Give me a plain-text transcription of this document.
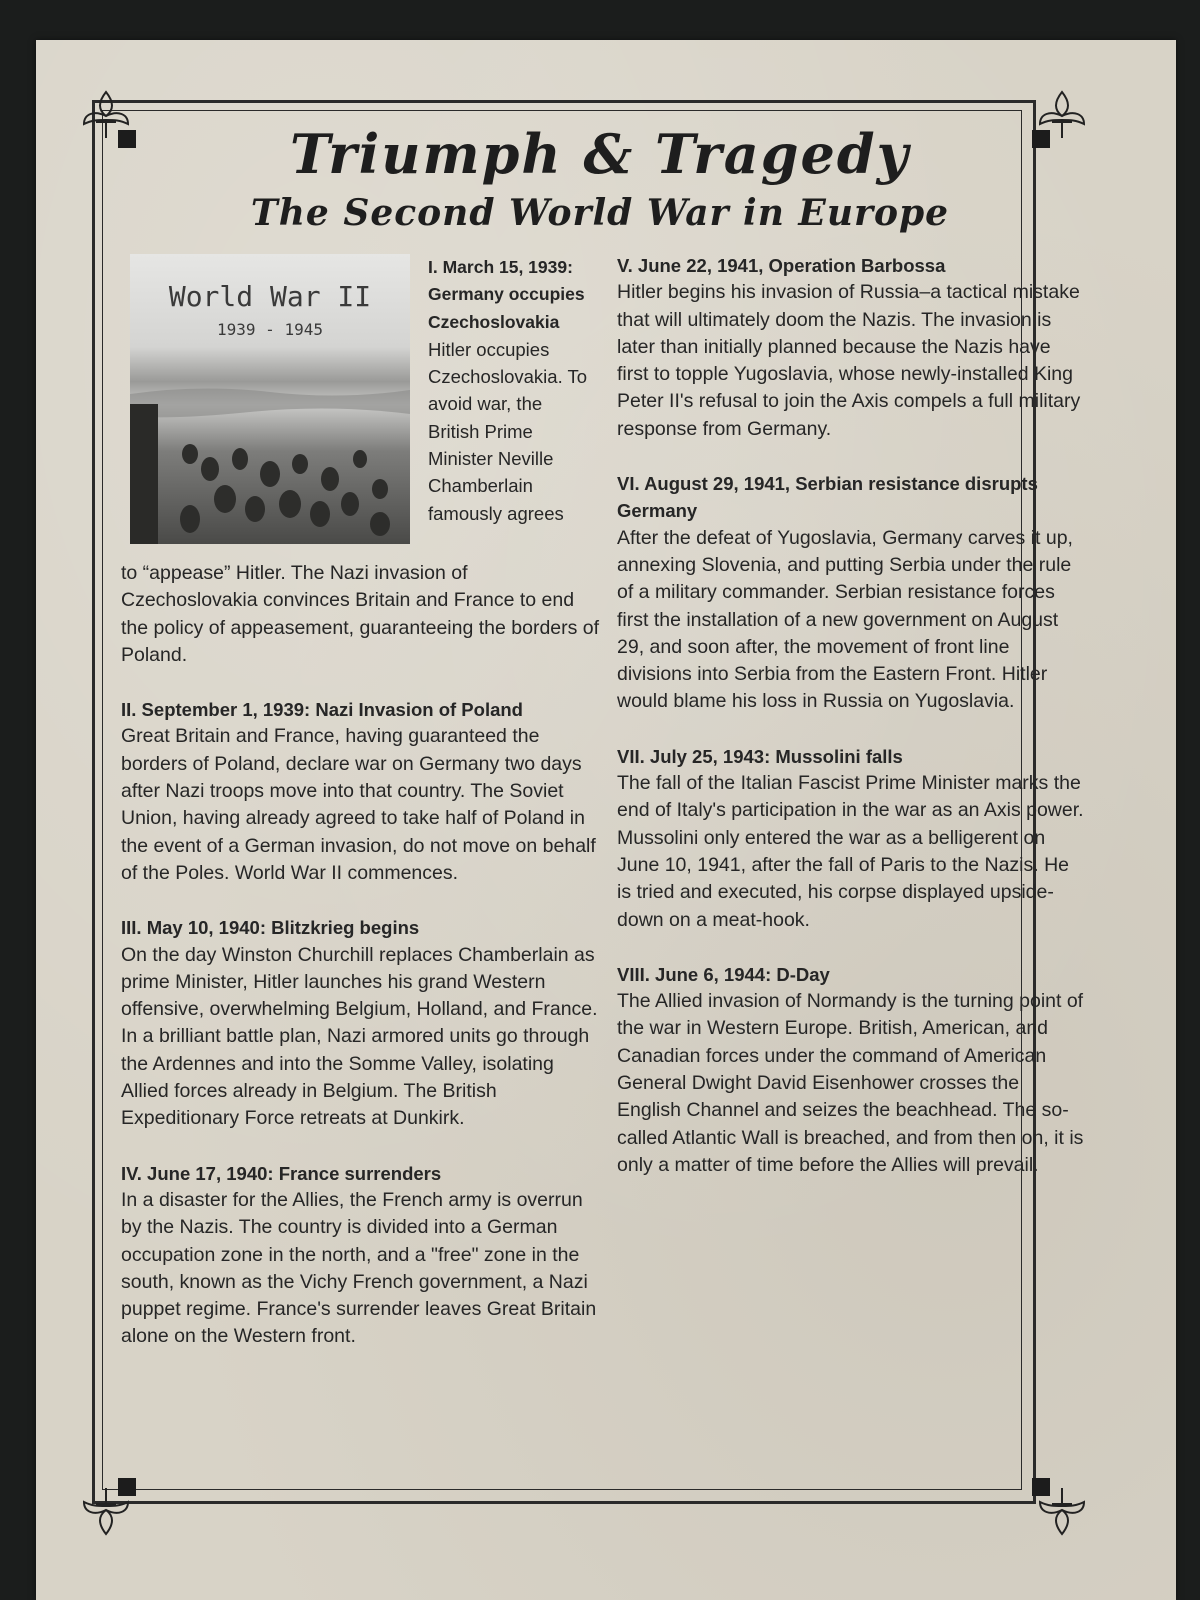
Triumph & Tragedy
The Second World War in Europe
World War II
1939 - 1945

I. March 15, 1939:

Germany occupies

Czechoslovakia

Hitler occupies Czechoslovakia. To avoid war, the British Prime Minister Neville Chamberlain famously agrees

to “appease” Hitler. The Nazi invasion of Czechoslovakia convinces Britain and France to end the policy of appeasement, guaranteeing the borders of Poland.

II. September 1, 1939: Nazi Invasion of Poland

Great Britain and France, having guaranteed the borders of Poland, declare war on Germany two days after Nazi troops move into that country. The Soviet Union, having already agreed to take half of Poland in the event of a German invasion, do not move on behalf of the Poles. World War II commences.

III. May 10, 1940: Blitzkrieg begins

On the day Winston Churchill replaces Chamberlain as prime Minister, Hitler launches his grand Western offensive, overwhelming Belgium, Holland, and France. In a brilliant battle plan, Nazi armored units go through the Ardennes and into the Somme Valley, isolating Allied forces already in Belgium. The British Expeditionary Force retreats at Dunkirk.

IV. June 17, 1940: France surrenders

In a disaster for the Allies, the French army is overrun by the Nazis. The country is divided into a German occupation zone in the north, and a "free" zone in the south, known as the Vichy French government, a Nazi puppet regime. France's surrender leaves Great Britain alone on the Western front.

V. June 22, 1941, Operation Barbossa

Hitler begins his invasion of Russia–a tactical mistake that will ultimately doom the Nazis. The invasion is later than initially planned because the Nazis have first to topple Yugoslavia, whose newly-installed King Peter II's refusal to join the Axis compels a full military response from Germany.

VI. August 29, 1941, Serbian resistance disrupts Germany

After the defeat of Yugoslavia, Germany carves it up, annexing Slovenia, and putting Serbia under the rule of a military commander. Serbian resistance forces first the installation of a new government on August 29, and soon after, the movement of front line divisions into Serbia from the Eastern Front. Hitler would blame his loss in Russia on Yugoslavia.

VII. July 25, 1943: Mussolini falls

The fall of the Italian Fascist Prime Minister marks the end of Italy's participation in the war as an Axis power. Mussolini only entered the war as a belligerent on June 10, 1941, after the fall of Paris to the Nazis. He is tried and executed, his corpse displayed upside-down on a meat-hook.

VIII. June 6, 1944: D-Day

The Allied invasion of Normandy is the turning point of the war in Western Europe. British, American, and Canadian forces under the command of American General Dwight David Eisenhower crosses the English Channel and seizes the beachhead. The so-called Atlantic Wall is breached, and from then on, it is only a matter of time before the Allies will prevail.
